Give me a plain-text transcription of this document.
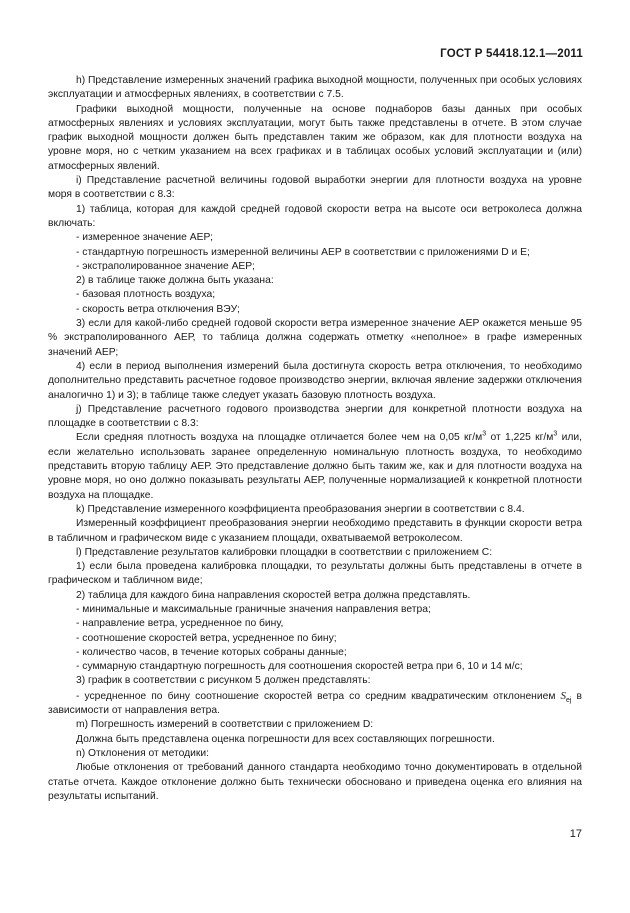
ГОСТ Р 54418.12.1—2011

h) Представление измеренных значений графика выходной мощности, полученных при особых условиях эксплуатации и атмосферных явлениях, в соответствии с 7.5.

Графики выходной мощности, полученные на основе поднаборов базы данных при особых атмосферных явлениях и условиях эксплуатации, могут быть также представлены в отчете. В этом случае график выходной мощности должен быть представлен таким же образом, как для плотности воздуха на уровне моря, но с четким указанием на всех графиках и в таблицах особых условий эксплуатации и (или) атмосферных явлений.

i) Представление расчетной величины годовой выработки энергии для плотности воздуха на уровне моря в соответствии с 8.3:

1) таблица, которая для каждой средней годовой скорости ветра на высоте оси ветроколеса должна включать:

- измеренное значение АЕР;

- стандартную погрешность измеренной величины АЕР в соответствии с приложениями D и E;

- экстраполированное значение АЕР;

2) в таблице также должна быть указана:

- базовая плотность воздуха;

- скорость ветра отключения ВЭУ;

3) если для какой-либо средней годовой скорости ветра измеренное значение АЕР окажется меньше 95 % экстраполированного АЕР, то таблица должна содержать отметку «неполное» в графе измеренных значений АЕР;

4) если в период выполнения измерений была достигнута скорость ветра отключения, то необходимо дополнительно представить расчетное годовое производство энергии, включая явление задержки отключения аналогично 1) и 3); в таблице также следует указать базовую плотность воздуха.

j) Представление расчетного годового производства энергии для конкретной плотности воздуха на площадке в соответствии с 8.3:

Если средняя плотность воздуха на площадке отличается более чем на 0,05 $кг/м^3$ от 1,225 $кг/м^3$ или, если желательно использовать заранее определенную номинальную плотность воздуха, то необходимо представить вторую таблицу АЕР. Это представление должно быть таким же, как и для плотности воздуха на уровне моря, но оно должно показывать результаты АЕР, полученные нормализацией к конкретной плотности воздуха на площадке.

k) Представление измеренного коэффициента преобразования энергии в соответствии с 8.4.

Измеренный коэффициент преобразования энергии необходимо представить в функции скорости ветра в табличном и графическом виде с указанием площади, охватываемой ветроколесом.

l) Представление результатов калибровки площадки в соответствии с приложением С:

1) если была проведена калибровка площадки, то результаты должны быть представлены в отчете в графическом и табличном виде;

2) таблица для каждого бина направления скоростей ветра должна представлять.

- минимальные и максимальные граничные значения направления ветра;

- направление ветра, усредненное по бину,

- соотношение скоростей ветра, усредненное по бину;

- количество часов, в течение которых собраны данные;

- суммарную стандартную погрешность для соотношения скоростей ветра при 6, 10 и 14 м/с;

3) график в соответствии с рисунком 5 должен представлять:

- усредненное по бину соотношение скоростей ветра со средним квадратическим отклонением $S_{ej}$ в зависимости от направления ветра.

m) Погрешность измерений в соответствии с приложением D:

Должна быть представлена оценка погрешности для всех составляющих погрешности.

n) Отклонения от методики:

Любые отклонения от требований данного стандарта необходимо точно документировать в отдельной статье отчета. Каждое отклонение должно быть технически обосновано и приведена оценка его влияния на результаты испытаний.

17
